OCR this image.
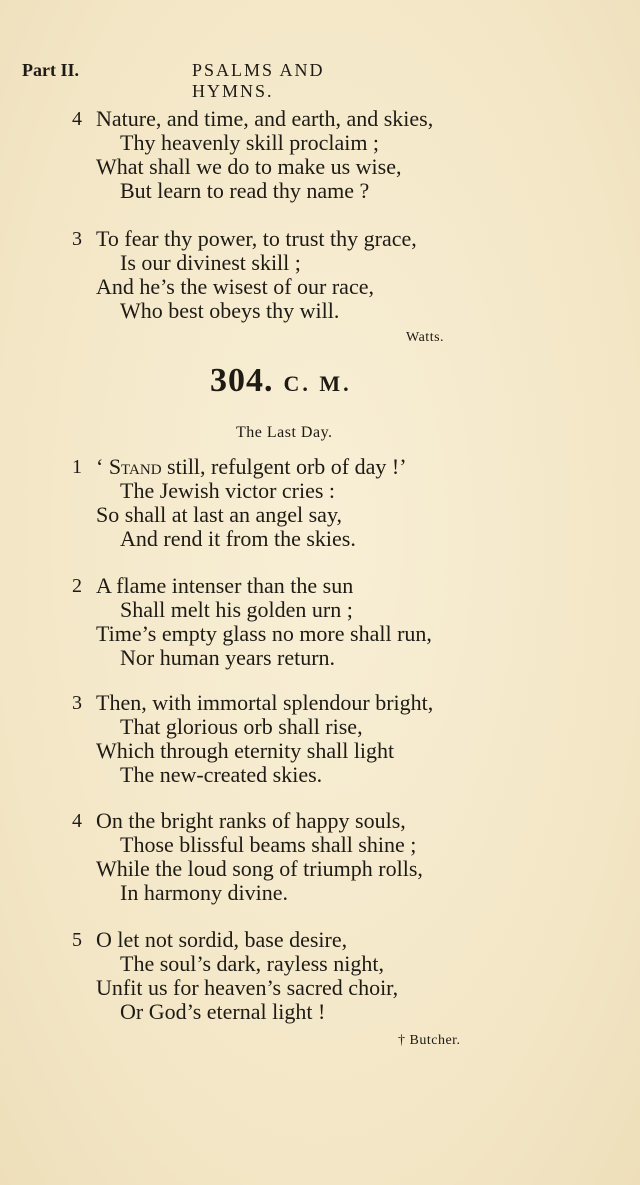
Part II.	PSALMS AND HYMNS.
4 Nature, and time, and earth, and skies,
Thy heavenly skill proclaim ;
What shall we do to make us wise,
But learn to read thy name ?
3 To fear thy power, to trust thy grace,
Is our divinest skill ;
And he’s the wisest of our race,
Who best obeys thy will.
Watts.
304. C. M.
The Last Day.
1 ‘ Stand still, refulgent orb of day !’
The Jewish victor cries :
So shall at last an angel say,
And rend it from the skies.
2 A flame intenser than the sun
Shall melt his golden urn ;
Time’s empty glass no more shall run,
Nor human years return.
3 Then, with immortal splendour bright,
That glorious orb shall rise,
Which through eternity shall light
The new-created skies.
4 On the bright ranks of happy souls,
Those blissful beams shall shine ;
While the loud song of triumph rolls,
In harmony divine.
5 O let not sordid, base desire,
The soul’s dark, rayless night,
Unfit us for heaven’s sacred choir,
Or God’s eternal light !
† Butcher.
